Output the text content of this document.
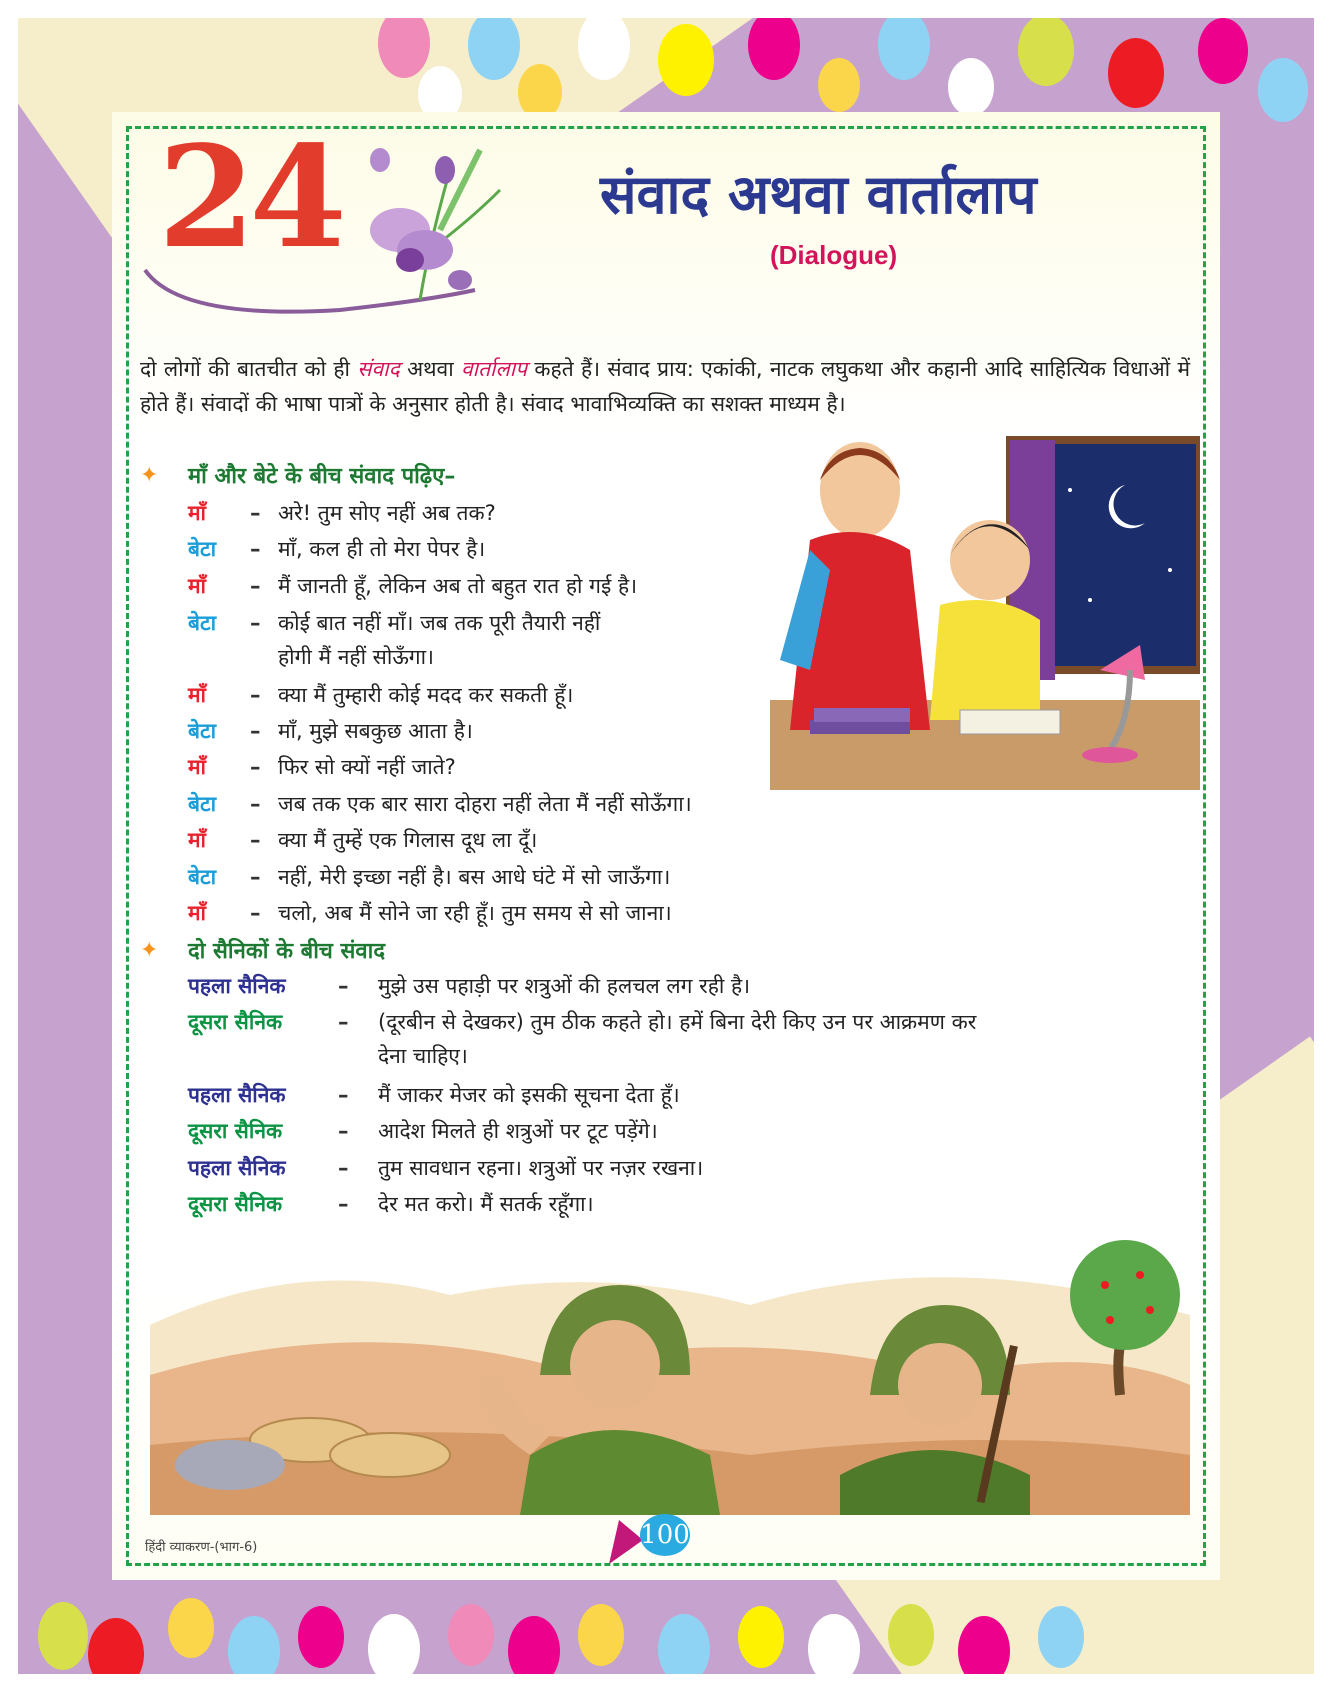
24	संवाद अथवा वार्तालाप
(Dialogue)
दो लोगों की बातचीत को ही संवाद अथवा वार्तालाप कहते हैं। संवाद प्राय: एकांकी, नाटक लघुकथा और कहानी आदि साहित्यिक विधाओं में होते हैं। संवादों की भाषा पात्रों के अनुसार होती है। संवाद भावाभिव्यक्ति का सशक्त माध्यम है।
✦ माँ और बेटे के बीच संवाद पढ़िए–
माँ – अरे! तुम सोए नहीं अब तक?
बेटा – माँ, कल ही तो मेरा पेपर है।
माँ – मैं जानती हूँ, लेकिन अब तो बहुत रात हो गई है।
बेटा – कोई बात नहीं माँ। जब तक पूरी तैयारी नहीं
होगी मैं नहीं सोऊँगा।
माँ – क्या मैं तुम्हारी कोई मदद कर सकती हूँ।
बेटा – माँ, मुझे सबकुछ आता है।
माँ – फिर सो क्यों नहीं जाते?
बेटा – जब तक एक बार सारा दोहरा नहीं लेता मैं नहीं सोऊँगा।
माँ – क्या मैं तुम्हें एक गिलास दूध ला दूँ।
बेटा – नहीं, मेरी इच्छा नहीं है। बस आधे घंटे में सो जाऊँगा।
माँ – चलो, अब मैं सोने जा रही हूँ। तुम समय से सो जाना।
✦ दो सैनिकों के बीच संवाद
पहला सैनिक	– मुझे उस पहाड़ी पर शत्रुओं की हलचल लग रही है।
दूसरा सैनिक	– (दूरबीन से देखकर) तुम ठीक कहते हो। हमें बिना देरी किए उन पर आक्रमण कर
देना चाहिए।
पहला सैनिक	– मैं जाकर मेजर को इसकी सूचना देता हूँ।
दूसरा सैनिक	– आदेश मिलते ही शत्रुओं पर टूट पड़ेंगे।
पहला सैनिक	– तुम सावधान रहना। शत्रुओं पर नज़र रखना।
दूसरा सैनिक	– देर मत करो। मैं सतर्क रहूँगा।
हिंदी व्याकरण-(भाग-6)	100
